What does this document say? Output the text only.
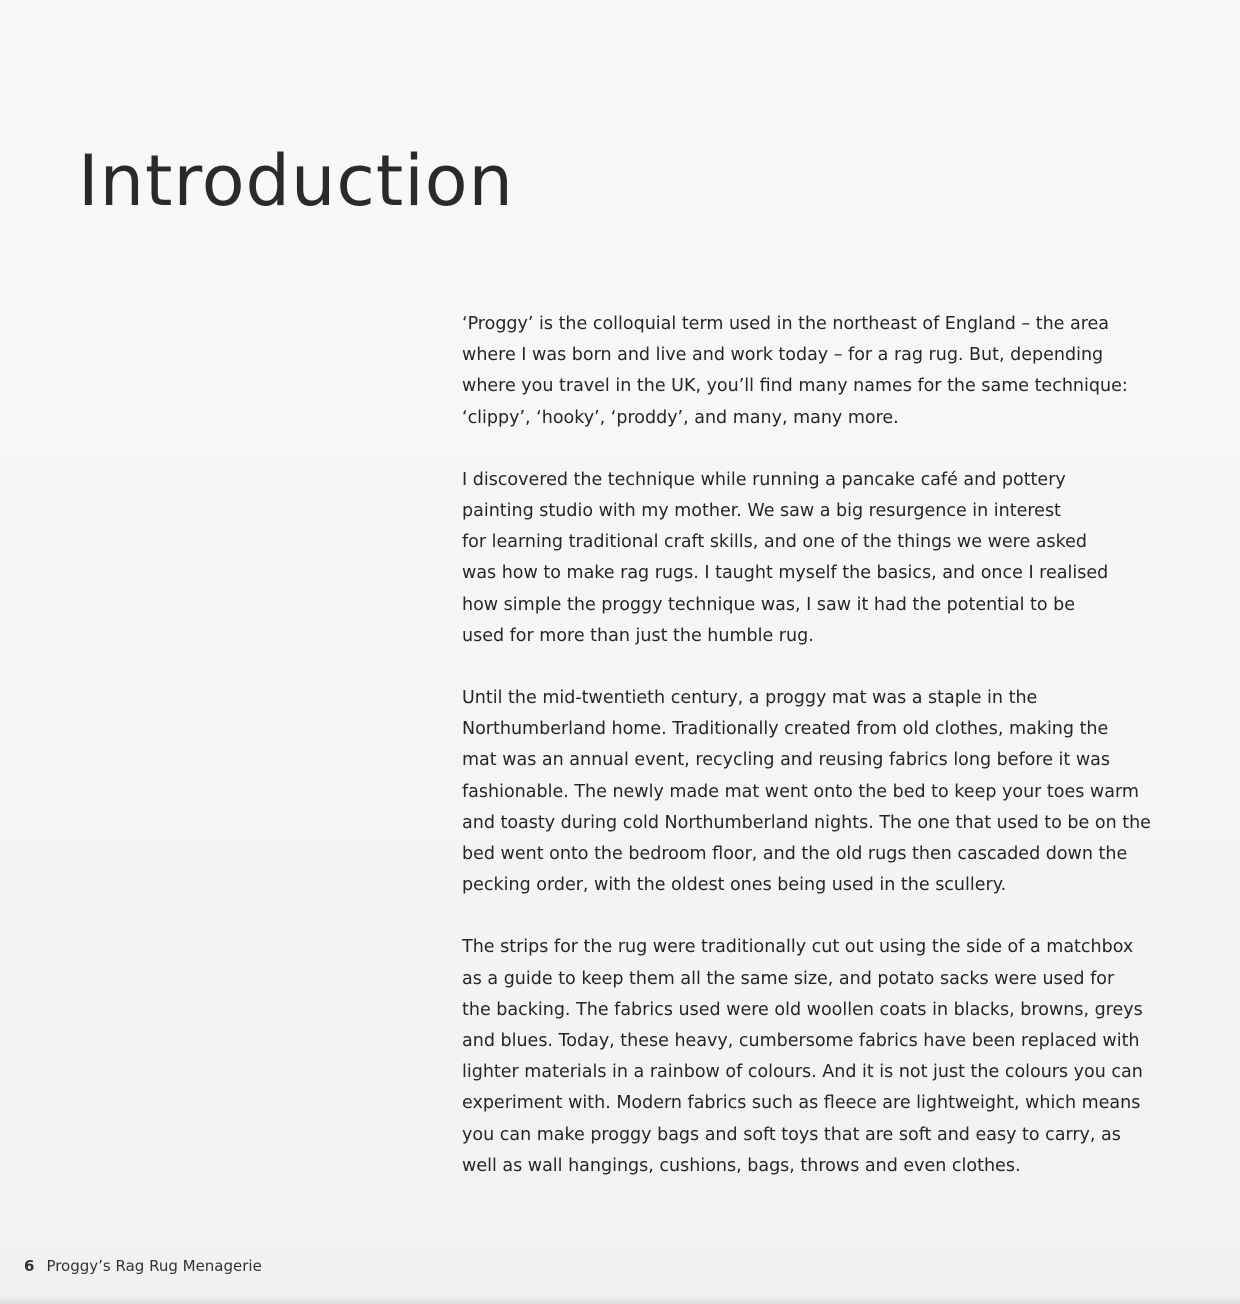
Introduction

‘Proggy’ is the colloquial term used in the northeast of England – the area
where I was born and live and work today – for a rag rug. But, depending
where you travel in the UK, you’ll find many names for the same technique:
‘clippy’, ‘hooky’, ‘proddy’, and many, many more.

I discovered the technique while running a pancake café and pottery
painting studio with my mother. We saw a big resurgence in interest
for learning traditional craft skills, and one of the things we were asked
was how to make rag rugs. I taught myself the basics, and once I realised
how simple the proggy technique was, I saw it had the potential to be
used for more than just the humble rug.

Until the mid-twentieth century, a proggy mat was a staple in the
Northumberland home. Traditionally created from old clothes, making the
mat was an annual event, recycling and reusing fabrics long before it was
fashionable. The newly made mat went onto the bed to keep your toes warm
and toasty during cold Northumberland nights. The one that used to be on the
bed went onto the bedroom floor, and the old rugs then cascaded down the
pecking order, with the oldest ones being used in the scullery.

The strips for the rug were traditionally cut out using the side of a matchbox
as a guide to keep them all the same size, and potato sacks were used for
the backing. The fabrics used were old woollen coats in blacks, browns, greys
and blues. Today, these heavy, cumbersome fabrics have been replaced with
lighter materials in a rainbow of colours. And it is not just the colours you can
experiment with. Modern fabrics such as fleece are lightweight, which means
you can make proggy bags and soft toys that are soft and easy to carry, as
well as wall hangings, cushions, bags, throws and even clothes.

6 Proggy’s Rag Rug Menagerie
